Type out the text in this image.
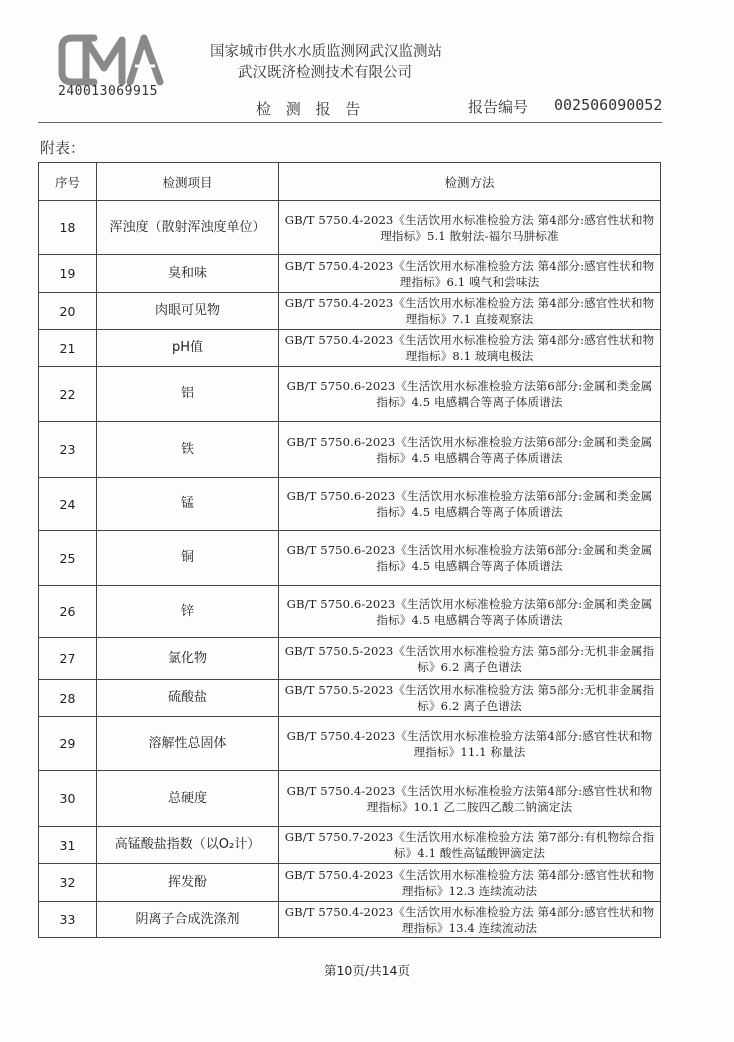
240013069915
国家城市供水水质监测网武汉监测站
武汉既济检测技术有限公司
检 测 报 告	报告编号 002506090052
附表：
序号	检测项目	检测方法
18	浑浊度（散射浑浊度单位）	GB/T 5750.4-2023《生活饮用水标准检验方法 第4部分:感官性状和物理指标》5.1 散射法-福尔马肼标准
19	臭和味	GB/T 5750.4-2023《生活饮用水标准检验方法 第4部分:感官性状和物理指标》6.1 嗅气和尝味法
20	肉眼可见物	GB/T 5750.4-2023《生活饮用水标准检验方法 第4部分:感官性状和物理指标》7.1 直接观察法
21	pH值	GB/T 5750.4-2023《生活饮用水标准检验方法 第4部分:感官性状和物理指标》8.1 玻璃电极法
22	铝	GB/T 5750.6-2023《生活饮用水标准检验方法第6部分:金属和类金属指标》4.5 电感耦合等离子体质谱法
23	铁	GB/T 5750.6-2023《生活饮用水标准检验方法第6部分:金属和类金属指标》4.5 电感耦合等离子体质谱法
24	锰	GB/T 5750.6-2023《生活饮用水标准检验方法第6部分:金属和类金属指标》4.5 电感耦合等离子体质谱法
25	铜	GB/T 5750.6-2023《生活饮用水标准检验方法第6部分:金属和类金属指标》4.5 电感耦合等离子体质谱法
26	锌	GB/T 5750.6-2023《生活饮用水标准检验方法第6部分:金属和类金属指标》4.5 电感耦合等离子体质谱法
27	氯化物	GB/T 5750.5-2023《生活饮用水标准检验方法 第5部分:无机非金属指标》6.2 离子色谱法
28	硫酸盐	GB/T 5750.5-2023《生活饮用水标准检验方法 第5部分:无机非金属指标》6.2 离子色谱法
29	溶解性总固体	GB/T 5750.4-2023《生活饮用水标准检验方法第4部分:感官性状和物理指标》11.1 称量法
30	总硬度	GB/T 5750.4-2023《生活饮用水标准检验方法第4部分:感官性状和物理指标》10.1 乙二胺四乙酸二钠滴定法
31	高锰酸盐指数（以O₂计）	GB/T 5750.7-2023《生活饮用水标准检验方法 第7部分:有机物综合指标》4.1 酸性高锰酸钾滴定法
32	挥发酚	GB/T 5750.4-2023《生活饮用水标准检验方法 第4部分:感官性状和物理指标》12.3 连续流动法
33	阴离子合成洗涤剂	GB/T 5750.4-2023《生活饮用水标准检验方法 第4部分:感官性状和物理指标》13.4 连续流动法
第10页/共14页
